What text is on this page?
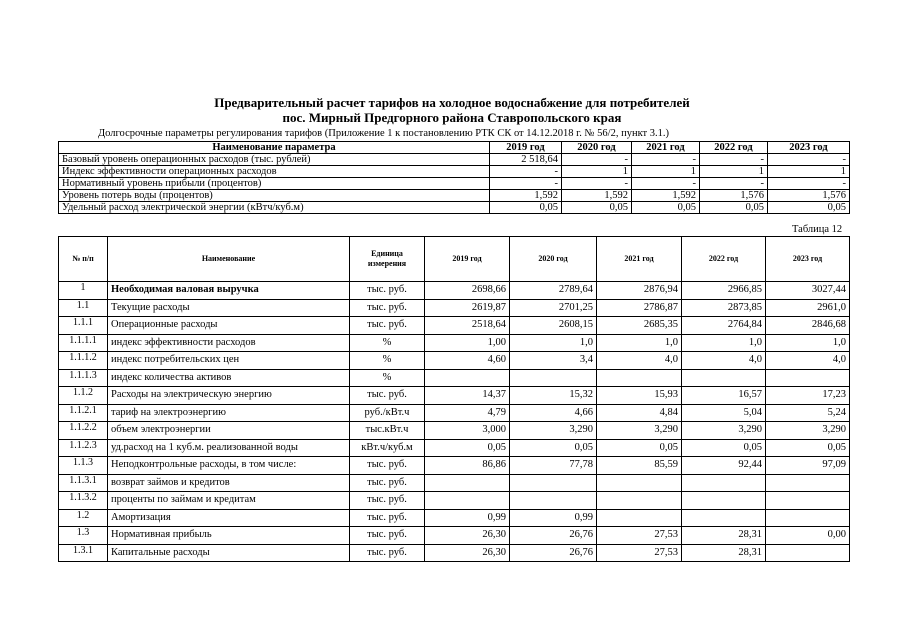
Предварительный расчет тарифов на холодное водоснабжение для потребителей
пос. Мирный Предгорного района Ставропольского края
Долгосрочные параметры регулирования тарифов (Приложение 1 к постановлению РТК СК от 14.12.2018 г. № 56/2, пункт 3.1.)
Наименование параметра	2019 год	2020 год	2021 год	2022 год	2023 год
Базовый уровень операционных расходов (тыс. рублей)	2 518,64	-	-	-	-
Индекс эффективности операционных расходов	-	1	1	1	1
Нормативный уровень прибыли (процентов)	-	-	-	-	-
Уровень потерь воды (процентов)	1,592	1,592	1,592	1,576	1,576
Удельный расход электрической энергии (кВтч/куб.м)	0,05	0,05	0,05	0,05	0,05
Таблица 12
№ п/п	Наименование	Единица измерения	2019 год	2020 год	2021 год	2022 год	2023 год
1	Необходимая валовая выручка	тыс. руб.	2698,66	2789,64	2876,94	2966,85	3027,44
1.1	Текущие расходы	тыс. руб.	2619,87	2701,25	2786,87	2873,85	2961,0
1.1.1	Операционные расходы	тыс. руб.	2518,64	2608,15	2685,35	2764,84	2846,68
1.1.1.1	индекс эффективности расходов	%	1,00	1,0	1,0	1,0	1,0
1.1.1.2	индекс потребительских цен	%	4,60	3,4	4,0	4,0	4,0
1.1.1.3	индекс количества активов	%					
1.1.2	Расходы на электрическую энергию	тыс. руб.	14,37	15,32	15,93	16,57	17,23
1.1.2.1	тариф на электроэнергию	руб./кВт.ч	4,79	4,66	4,84	5,04	5,24
1.1.2.2	объем электроэнергии	тыс.кВт.ч	3,000	3,290	3,290	3,290	3,290
1.1.2.3	уд.расход на 1 куб.м. реализованной воды	кВт.ч/куб.м	0,05	0,05	0,05	0,05	0,05
1.1.3	Неподконтрольные расходы, в том числе:	тыс. руб.	86,86	77,78	85,59	92,44	97,09
1.1.3.1	возврат займов и кредитов	тыс. руб.					
1.1.3.2	проценты по займам и кредитам	тыс. руб.					
1.2	Амортизация	тыс. руб.	0,99	0,99			
1.3	Нормативная прибыль	тыс. руб.	26,30	26,76	27,53	28,31	0,00
1.3.1	Капитальные расходы	тыс. руб.	26,30	26,76	27,53	28,31	
